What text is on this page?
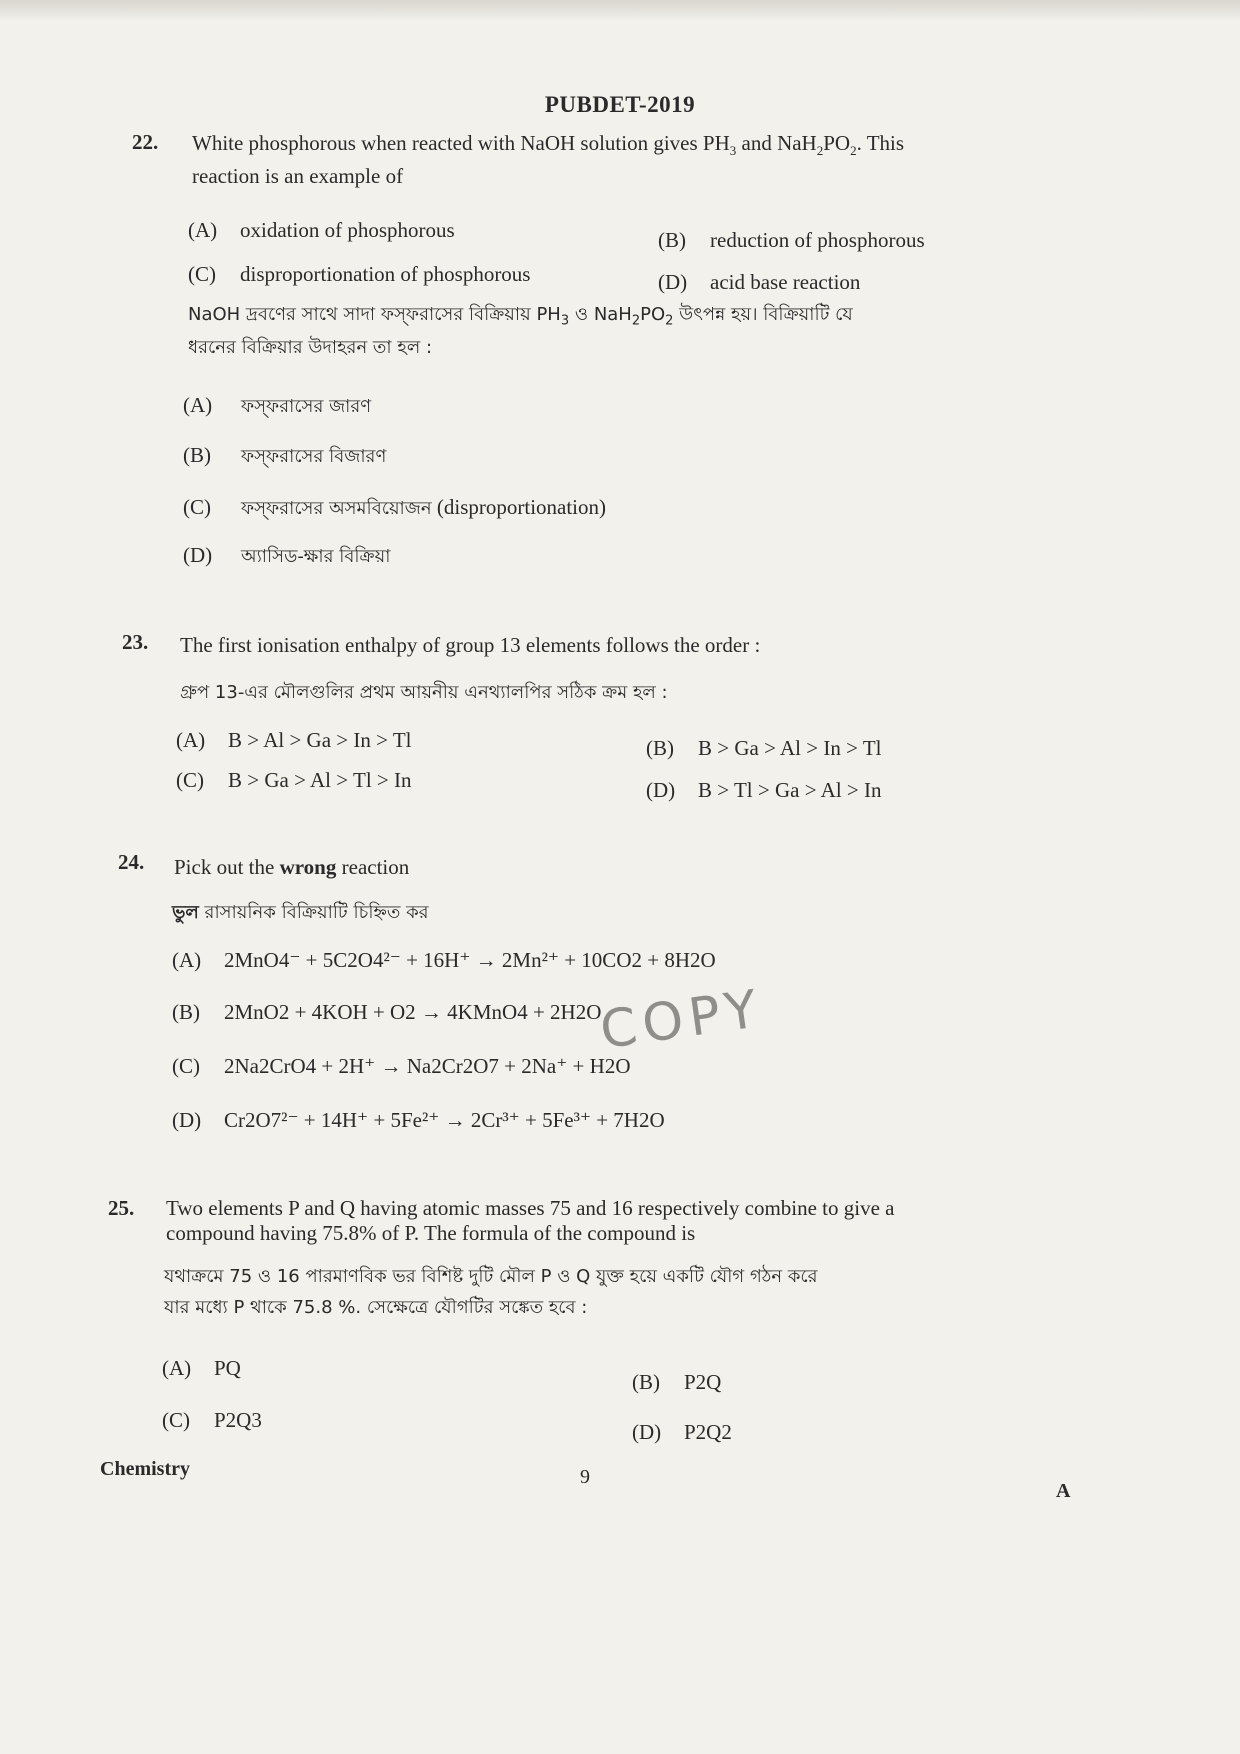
PUBDET-2019
22. White phosphorous when reacted with NaOH solution gives $PH_3$ and $NaH_2PO_2$. This
reaction is an example of
(A) oxidation of phosphorous	(B) reduction of phosphorous
(C) disproportionation of phosphorous	(D) acid base reaction
NaOH দ্রবণের সাথে সাদা ফস্‌ফরাসের বিক্রিয়ায় $PH_3$ ও $NaH_2PO_2$ উৎপন্ন হয়। বিক্রিয়াটি যে
ধরনের বিক্রিয়ার উদাহরন তা হল :
(A) ফস্‌ফরাসের জারণ
(B) ফস্‌ফরাসের বিজারণ
(C) ফস্‌ফরাসের অসমবিয়োজন (disproportionation)
(D) অ্যাসিড-ক্ষার বিক্রিয়া
23. The first ionisation enthalpy of group 13 elements follows the order :
গ্রুপ 13-এর মৌলগুলির প্রথম আয়নীয় এনথ্যালপির সঠিক ক্রম হল :
(A) B > Al > Ga > In > Tl	(B) B > Ga > Al > In > Tl
(C) B > Ga > Al > Tl > In	(D) B > Tl > Ga > Al > In
24. Pick out the wrong reaction
ভুল রাসায়নিক বিক্রিয়াটি চিহ্নিত কর
(A) 2MnO4⁻ + 5C2O4²⁻ + 16H⁺ → 2Mn²⁺ + 10CO2 + 8H2O
(B) 2MnO2 + 4KOH + O2 → 4KMnO4 + 2H2O
(C) 2Na2CrO4 + 2H⁺ → Na2Cr2O7 + 2Na⁺ + H2O
(D) Cr2O7²⁻ + 14H⁺ + 5Fe²⁺ → 2Cr³⁺ + 5Fe³⁺ + 7H2O
COPY
25. Two elements P and Q having atomic masses 75 and 16 respectively combine to give a
compound having 75.8% of P. The formula of the compound is
যথাক্রমে 75 ও 16 পারমাণবিক ভর বিশিষ্ট দুটি মৌল P ও Q যুক্ত হয়ে একটি যৌগ গঠন করে
যার মধ্যে P থাকে 75.8 %. সেক্ষেত্রে যৌগটির সঙ্কেত হবে :
(A) PQ
(B) P2Q
(C) P2Q3	(D) P2Q2
Chemistry	9
A
